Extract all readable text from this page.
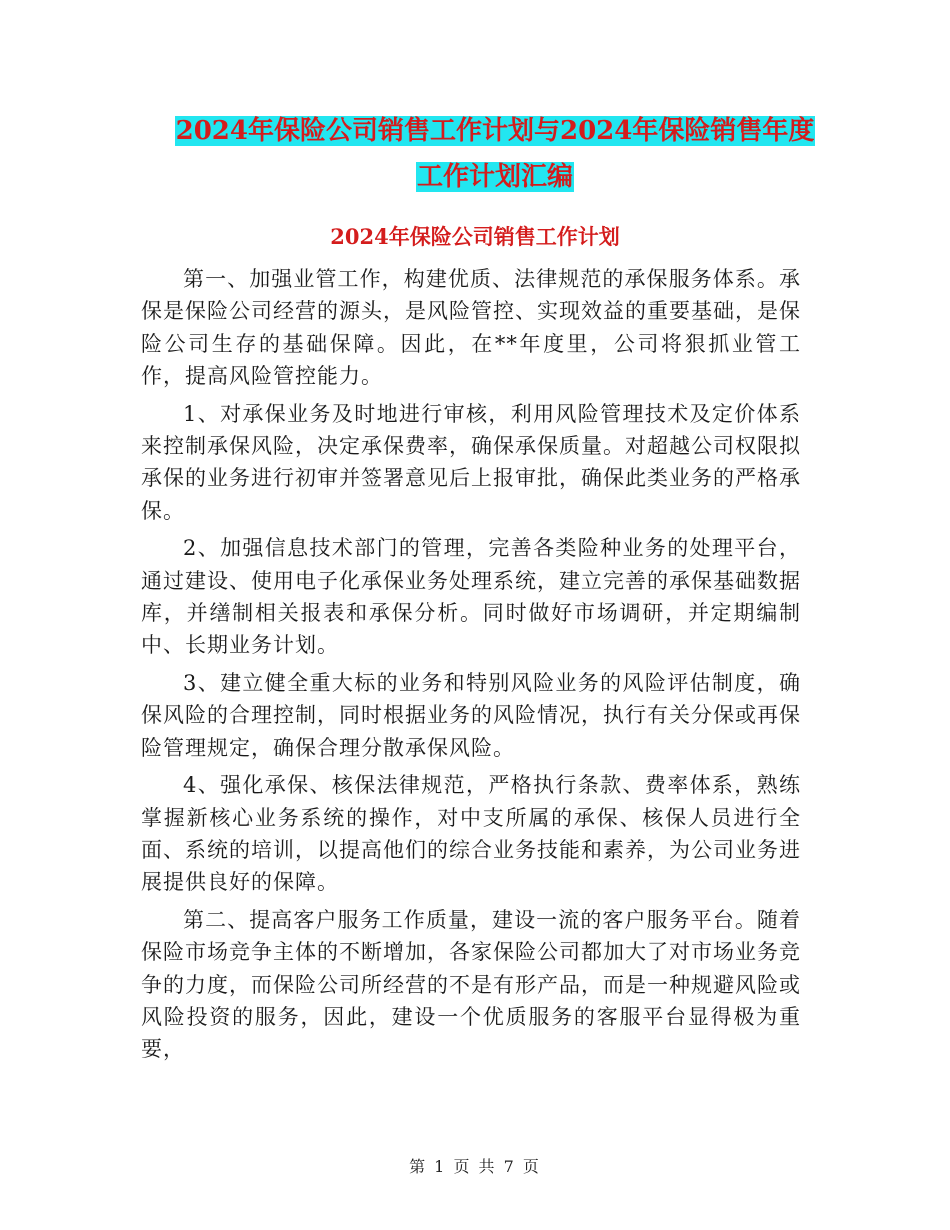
2024年保险公司销售工作计划与2024年保险销售年度
工作计划汇编
2024年保险公司销售工作计划

第一、加强业管工作，构建优质、法律规范的承保服务体系。承保是保险公司经营的源头，是风险管控、实现效益的重要基础，是保险公司生存的基础保障。因此，在**年度里，公司将狠抓业管工作，提高风险管控能力。

1、对承保业务及时地进行审核，利用风险管理技术及定价体系来控制承保风险，决定承保费率，确保承保质量。对超越公司权限拟承保的业务进行初审并签署意见后上报审批，确保此类业务的严格承保。

2、加强信息技术部门的管理，完善各类险种业务的处理平台，通过建设、使用电子化承保业务处理系统，建立完善的承保基础数据库，并缮制相关报表和承保分析。同时做好市场调研，并定期编制中、长期业务计划。

3、建立健全重大标的业务和特别风险业务的风险评估制度，确保风险的合理控制，同时根据业务的风险情况，执行有关分保或再保险管理规定，确保合理分散承保风险。

4、强化承保、核保法律规范，严格执行条款、费率体系，熟练掌握新核心业务系统的操作，对中支所属的承保、核保人员进行全面、系统的培训，以提高他们的综合业务技能和素养，为公司业务进展提供良好的保障。

第二、提高客户服务工作质量，建设一流的客户服务平台。随着保险市场竞争主体的不断增加，各家保险公司都加大了对市场业务竞争的力度，而保险公司所经营的不是有形产品，而是一种规避风险或风险投资的服务，因此，建设一个优质服务的客服平台显得极为重要，

第 1 页 共 7 页
